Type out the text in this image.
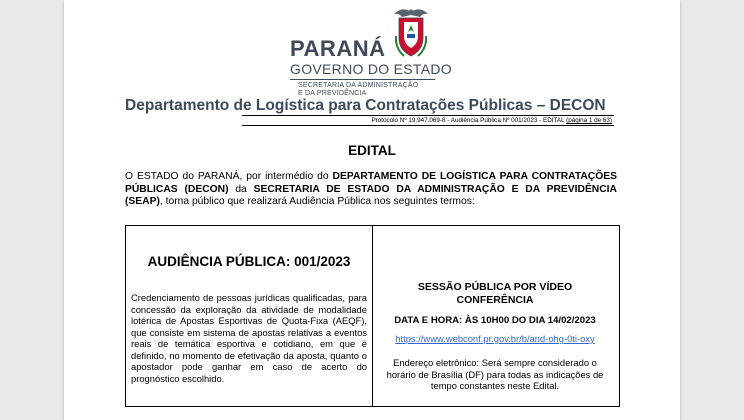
PARANÁ
GOVERNO DO ESTADO
SECRETARIA DA ADMINISTRAÇÃO
E DA PREVIDÊNCIA
Departamento de Logística para Contratações Públicas – DECON
Protocolo Nº 19.947.069-8 - Audiência Pública Nº 001/2023 - EDITAL (página 1 de 63)
EDITAL
O ESTADO do PARANÁ, por intermédio do DEPARTAMENTO DE LOGÍSTICA PARA CONTRATAÇÕES PÚBLICAS (DECON) da SECRETARIA DE ESTADO DA ADMINISTRAÇÃO E DA PREVIDÊNCIA (SEAP), torna público que realizará Audiência Pública nos seguintes termos:
AUDIÊNCIA PÚBLICA: 001/2023
Credenciamento de pessoas jurídicas qualificadas, para concessão da exploração da atividade de modalidade lotérica de Apostas Esportivas de Quota-Fixa (AEQF), que consiste em sistema de apostas relativas a eventos reais de temática esportiva e cotidiano, em que é definido, no momento de efetivação da aposta, quanto o apostador pode ganhar em caso de acerto do prognóstico escolhido.
SESSÃO PÚBLICA POR VÍDEO
CONFERÊNCIA
DATA E HORA: ÀS 10H00 DO DIA 14/02/2023
https://www.webconf.pr.gov.br/b/and-ohg-0ti-oxy
Endereço eletrônico: Será sempre considerado o horário de Brasília (DF) para todas as indicações de tempo constantes neste Edital.
